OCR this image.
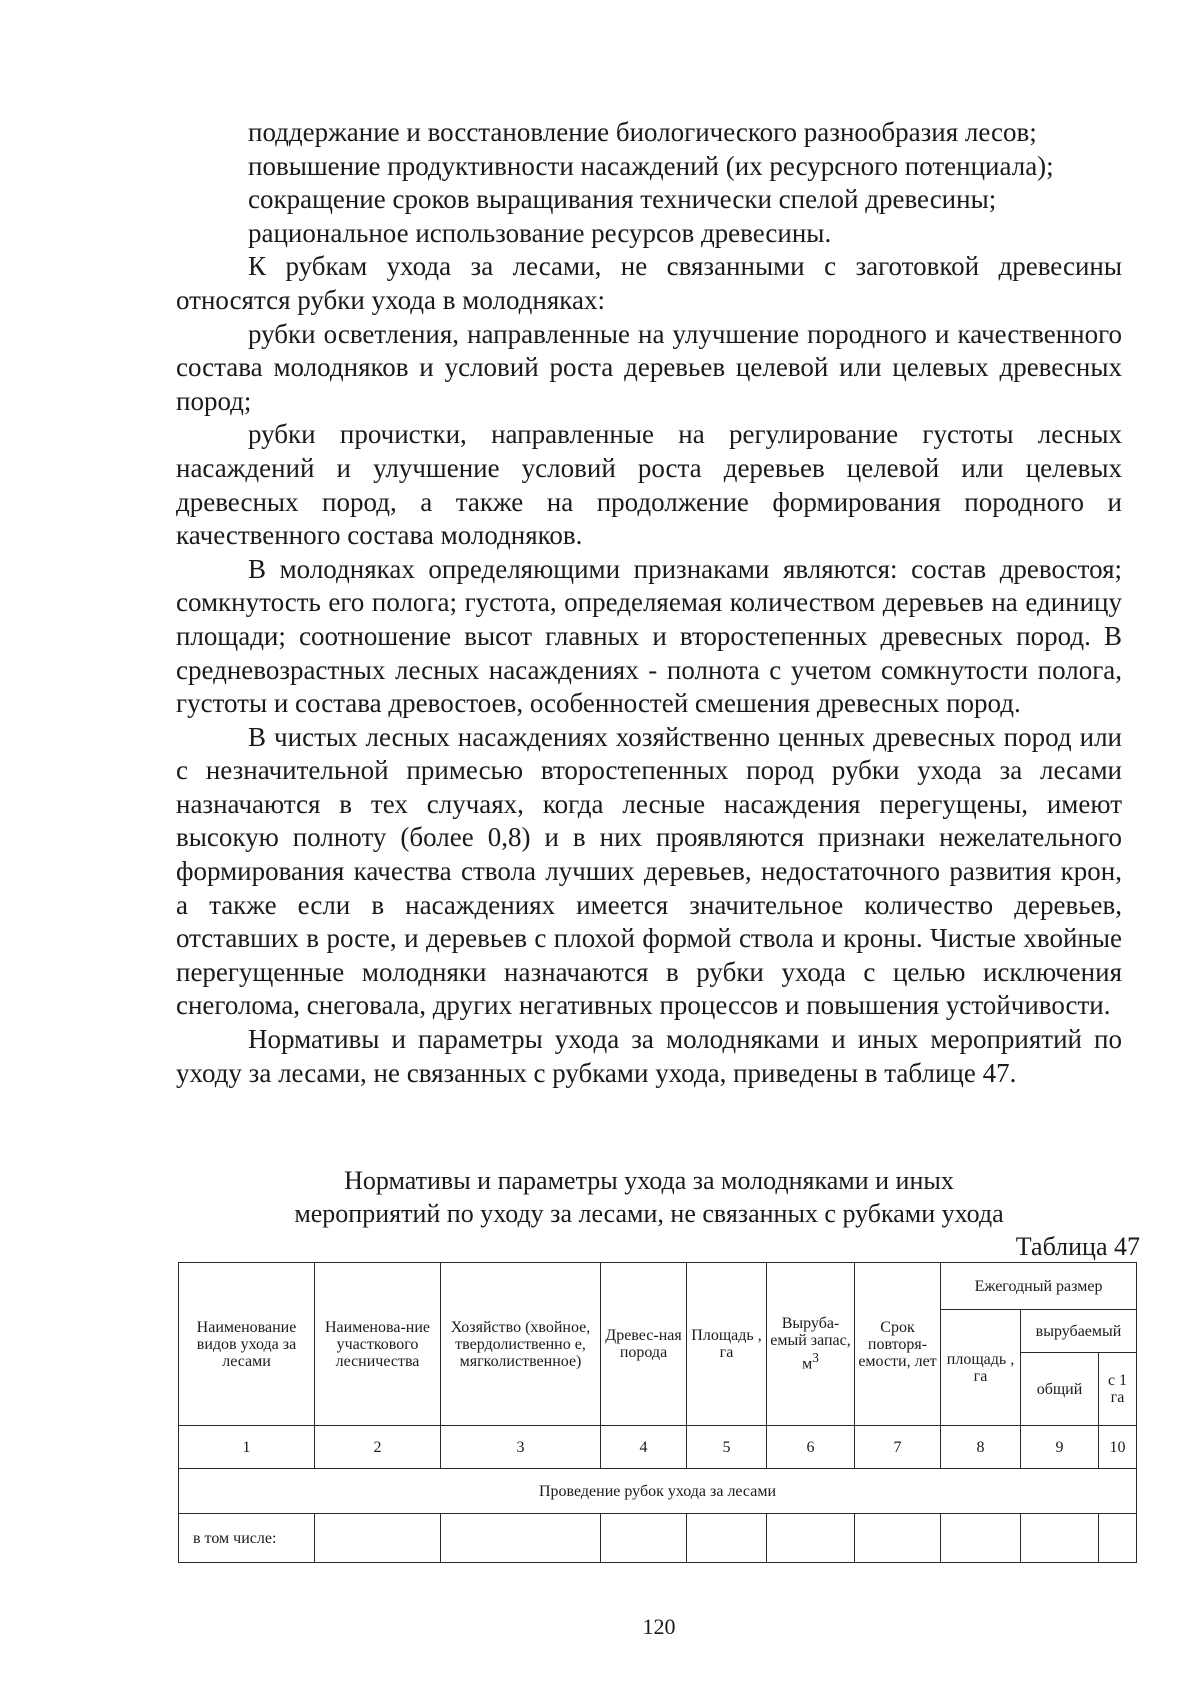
поддержание и восстановление биологического разнообразия лесов;

повышение продуктивности насаждений (их ресурсного потенциала);

сокращение сроков выращивания технически спелой древесины;

рациональное использование ресурсов древесины.

К рубкам ухода за лесами, не связанными с заготовкой древесины относятся рубки ухода в молодняках:

рубки осветления, направленные на улучшение породного и качественного состава молодняков и условий роста деревьев целевой или целевых древесных пород;

рубки прочистки, направленные на регулирование густоты лесных насаждений и улучшение условий роста деревьев целевой или целевых древесных пород, а также на продолжение формирования породного и качественного состава молодняков.

В молодняках определяющими признаками являются: состав древостоя; сомкнутость его полога; густота, определяемая количеством деревьев на единицу площади; соотношение высот главных и второстепенных древесных пород. В средневозрастных лесных насаждениях - полнота с учетом сомкнутости полога, густоты и состава древостоев, особенностей смешения древесных пород.

В чистых лесных насаждениях хозяйственно ценных древесных пород или с незначительной примесью второстепенных пород рубки ухода за лесами назначаются в тех случаях, когда лесные насаждения перегущены, имеют высокую полноту (более 0,8) и в них проявляются признаки нежелательного формирования качества ствола лучших деревьев, недостаточного развития крон, а также если в насаждениях имеется значительное количество деревьев, отставших в росте, и деревьев с плохой формой ствола и кроны. Чистые хвойные перегущенные молодняки назначаются в рубки ухода с целью исключения снеголома, снеговала, других негативных процессов и повышения устойчивости.

Нормативы и параметры ухода за молодняками и иных мероприятий по уходу за лесами, не связанных с рубками ухода, приведены в таблице 47.

Нормативы и параметры ухода за молодняками и иных
мероприятий по уходу за лесами, не связанных с рубками ухода
Таблица 47
Наименование видов ухода за лесами	Наименова-ние участкового лесничества	Хозяйство (хвойное, твердолиственно е, мягколиственное)	Древес-ная порода	Площадь , га	Выруба-емый запас, $м^3$	Срок повторя-емости, лет	Ежегодный размер		
							площадь , га	вырубаемый	
								общий	с 1 га
1	2	3	4	5	6	7	8	9	10
Проведение рубок ухода за лесами									
в том числе:									
120
